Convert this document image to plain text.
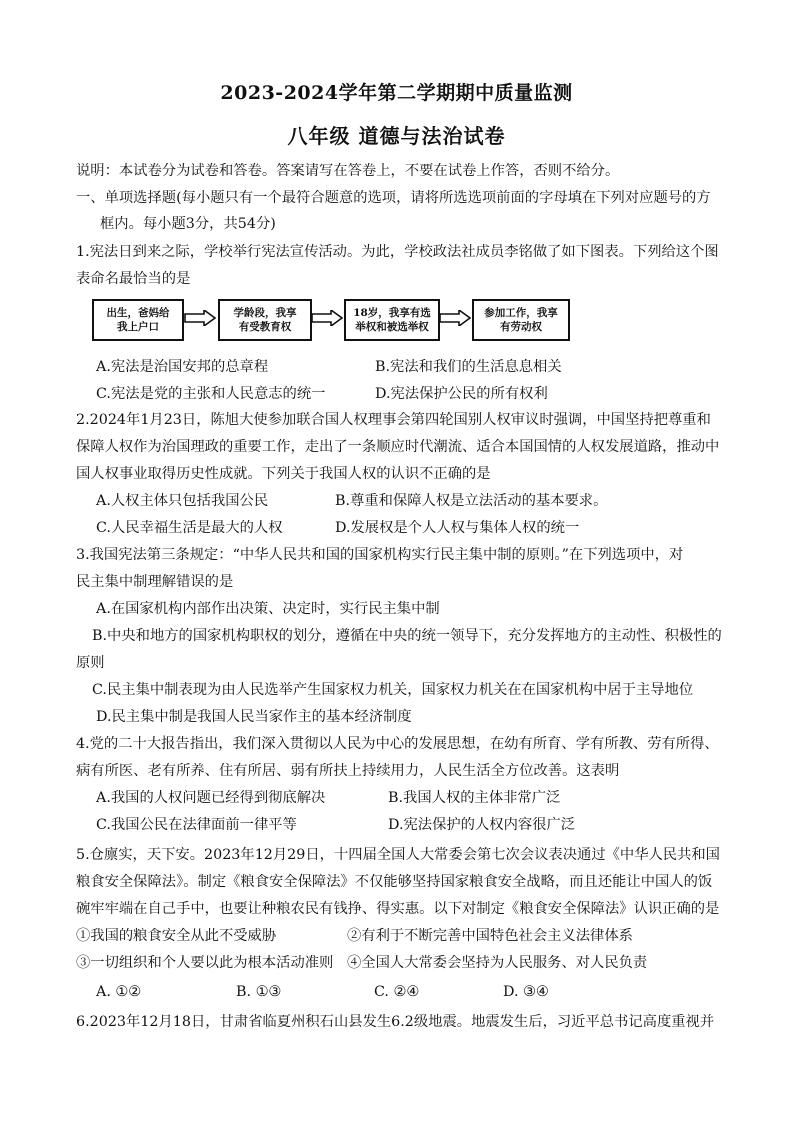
2023-2024学年第二学期期中质量监测
八年级 道德与法治试卷
说明：本试卷分为试卷和答卷。答案请写在答卷上，不要在试卷上作答，否则不给分。
一、单项选择题(每小题只有一个最符合题意的选项，请将所选选项前面的字母填在下列对应题号的方
框内。每小题3分，共54分)
1.宪法日到来之际，学校举行宪法宣传活动。为此，学校政法社成员李铭做了如下图表。下列给这个图
表命名最恰当的是
出生，爸妈给
我上户口
学龄段，我享
有受教育权
18岁，我享有选
举权和被选举权
参加工作，我享
有劳动权
A.宪法是治国安邦的总章程	B.宪法和我们的生活息息相关
C.宪法是党的主张和人民意志的统一	D.宪法保护公民的所有权利
2.2024年1月23日，陈旭大使参加联合国人权理事会第四轮国别人权审议时强调，中国坚持把尊重和
保障人权作为治国理政的重要工作，走出了一条顺应时代潮流、适合本国国情的人权发展道路，推动中
国人权事业取得历史性成就。下列关于我国人权的认识不正确的是
A.人权主体只包括我国公民	B.尊重和保障人权是立法活动的基本要求。
C.人民幸福生活是最大的人权	D.发展权是个人人权与集体人权的统一
3.我国宪法第三条规定：“中华人民共和国的国家机构实行民主集中制的原则。”在下列选项中，对
民主集中制理解错误的是
A.在国家机构内部作出决策、决定时，实行民主集中制
B.中央和地方的国家机构职权的划分，遵循在中央的统一领导下，充分发挥地方的主动性、积极性的
原则
C.民主集中制表现为由人民选举产生国家权力机关，国家权力机关在在国家机构中居于主导地位
D.民主集中制是我国人民当家作主的基本经济制度
4.党的二十大报告指出，我们深入贯彻以人民为中心的发展思想，在幼有所育、学有所教、劳有所得、
病有所医、老有所养、住有所居、弱有所扶上持续用力，人民生活全方位改善。这表明
A.我国的人权问题已经得到彻底解决	B.我国人权的主体非常广泛
C.我国公民在法律面前一律平等	D.宪法保护的人权内容很广泛
5.仓廪实，天下安。2023年12月29日，十四届全国人大常委会第七次会议表决通过《中华人民共和国
粮食安全保障法》。制定《粮食安全保障法》不仅能够坚持国家粮食安全战略，而且还能让中国人的饭
碗牢牢端在自己手中，也要让种粮农民有钱挣、得实惠。以下对制定《粮食安全保障法》认识正确的是
①我国的粮食安全从此不受威胁	②有利于不断完善中国特色社会主义法律体系
③一切组织和个人要以此为根本活动准则 ④全国人大常委会坚持为人民服务、对人民负责
A. ①②	B. ①③	C. ②④	D. ③④
6.2023年12月18日，甘肃省临夏州积石山县发生6.2级地震。地震发生后，习近平总书记高度重视并
